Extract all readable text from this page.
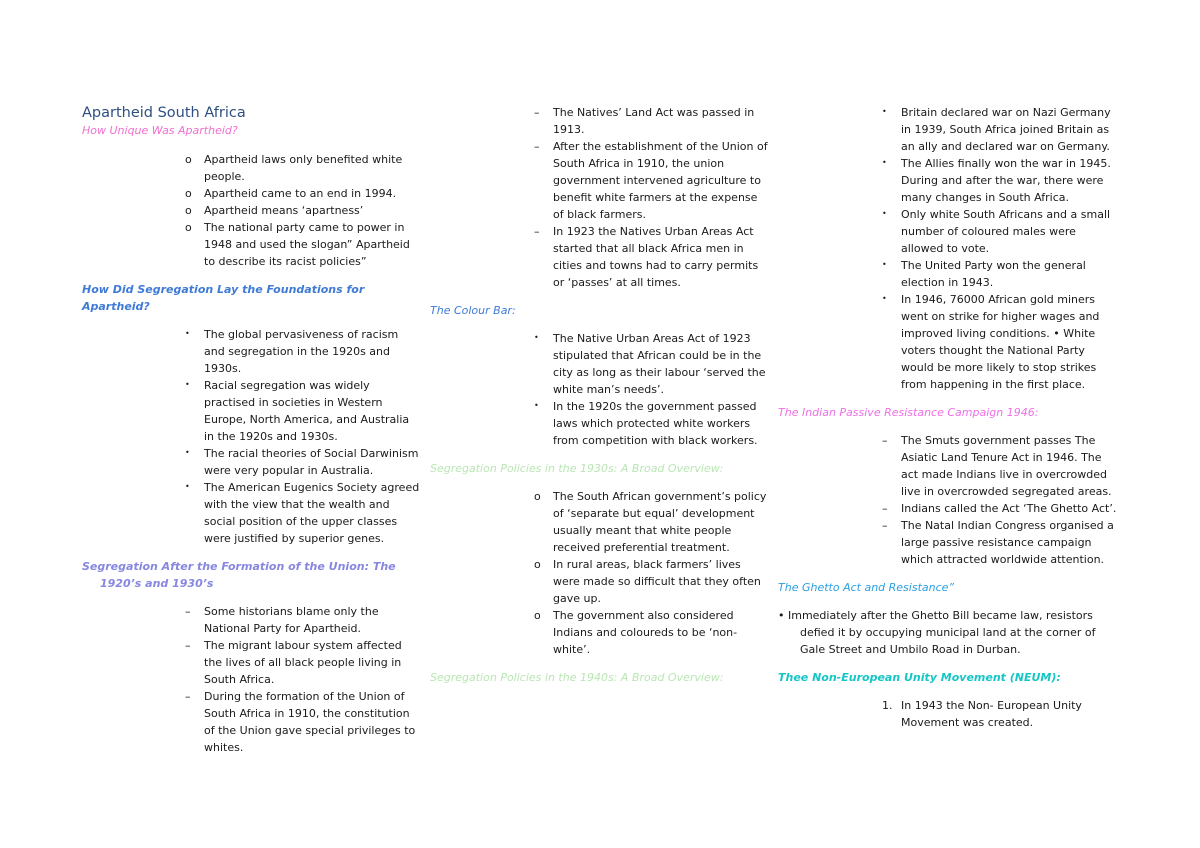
Apartheid South Africa

How Unique Was Apartheid?

o Apartheid laws only benefited white people.
o Apartheid came to an end in 1994.
o Apartheid means ‘apartness’
o The national party came to power in 1948 and used the slogan” Apartheid to describe its racist policies”

How Did Segregation Lay the Foundations for Apartheid?

• The global pervasiveness of racism and segregation in the 1920s and 1930s.
• Racial segregation was widely practised in societies in Western Europe, North America, and Australia in the 1920s and 1930s.
• The racial theories of Social Darwinism were very popular in Australia.
• The American Eugenics Society agreed with the view that the wealth and social position of the upper classes were justified by superior genes.

Segregation After the Formation of the Union: The 1920’s and 1930’s

– Some historians blame only the National Party for Apartheid.
– The migrant labour system affected the lives of all black people living in South Africa.
– During the formation of the Union of South Africa in 1910, the constitution of the Union gave special privileges to whites.
– The Natives’ Land Act was passed in 1913.
– After the establishment of the Union of South Africa in 1910, the union government intervened agriculture to benefit white farmers at the expense of black farmers.
– In 1923 the Natives Urban Areas Act started that all black Africa men in cities and towns had to carry permits or ‘passes’ at all times.

The Colour Bar:

• The Native Urban Areas Act of 1923 stipulated that African could be in the city as long as their labour ‘served the white man’s needs’.
• In the 1920s the government passed laws which protected white workers from competition with black workers.

Segregation Policies in the 1930s: A Broad Overview:

o The South African government’s policy of ‘separate but equal’ development usually meant that white people received preferential treatment.
o In rural areas, black farmers’ lives were made so difficult that they often gave up.
o The government also considered Indians and coloureds to be ‘non-white’.

Segregation Policies in the 1940s: A Broad Overview:

• Britain declared war on Nazi Germany in 1939, South Africa joined Britain as an ally and declared war on Germany.
• The Allies finally won the war in 1945. During and after the war, there were many changes in South Africa.
• Only white South Africans and a small number of coloured males were allowed to vote.
• The United Party won the general election in 1943.
• In 1946, 76000 African gold miners went on strike for higher wages and improved living conditions. • White voters thought the National Party would be more likely to stop strikes from happening in the first place.

The Indian Passive Resistance Campaign 1946:

– The Smuts government passes The Asiatic Land Tenure Act in 1946. The act made Indians live in overcrowded live in overcrowded segregated areas.
– Indians called the Act ‘The Ghetto Act’.
– The Natal Indian Congress organised a large passive resistance campaign which attracted worldwide attention.

The Ghetto Act and Resistance”

• Immediately after the Ghetto Bill became law, resistors defied it by occupying municipal land at the corner of Gale Street and Umbilo Road in Durban.

Thee Non-European Unity Movement (NEUM):

1. In 1943 the Non- European Unity Movement was created.
